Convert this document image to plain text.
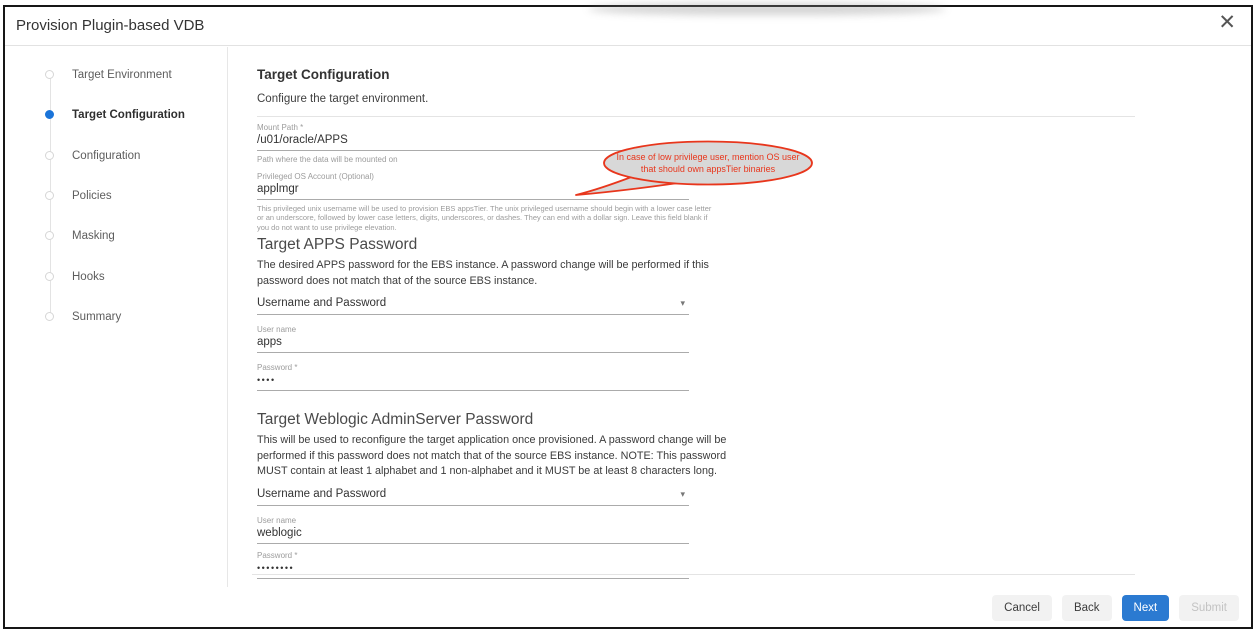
Provision Plugin-based VDB	✕
Target Environment
Target Configuration
Configuration
Policies
Masking
Hooks
Summary
Target Configuration
Configure the target environment.
Mount Path *
/u01/oracle/APPS
Path where the data will be mounted on
Privileged OS Account (Optional)
applmgr
This privileged unix username will be used to provision EBS appsTier. The unix privileged username should begin with a lower case letter or an underscore, followed by lower case letters, digits, underscores, or dashes. They can end with a dollar sign. Leave this field blank if you do not want to use privilege elevation.
Target APPS Password
The desired APPS password for the EBS instance. A password change will be performed if this password does not match that of the source EBS instance.
Username and Password	▾
User name
apps
Password *
••••
Target Weblogic AdminServer Password
This will be used to reconfigure the target application once provisioned. A password change will be performed if this password does not match that of the source EBS instance. NOTE: This password MUST contain at least 1 alphabet and 1 non-alphabet and it MUST be at least 8 characters long.
Username and Password	▾
User name
weblogic
Password *
••••••••
In case of low privilege user, mention OS user
that should own appsTier binaries
Cancel	Back	Next	Submit
